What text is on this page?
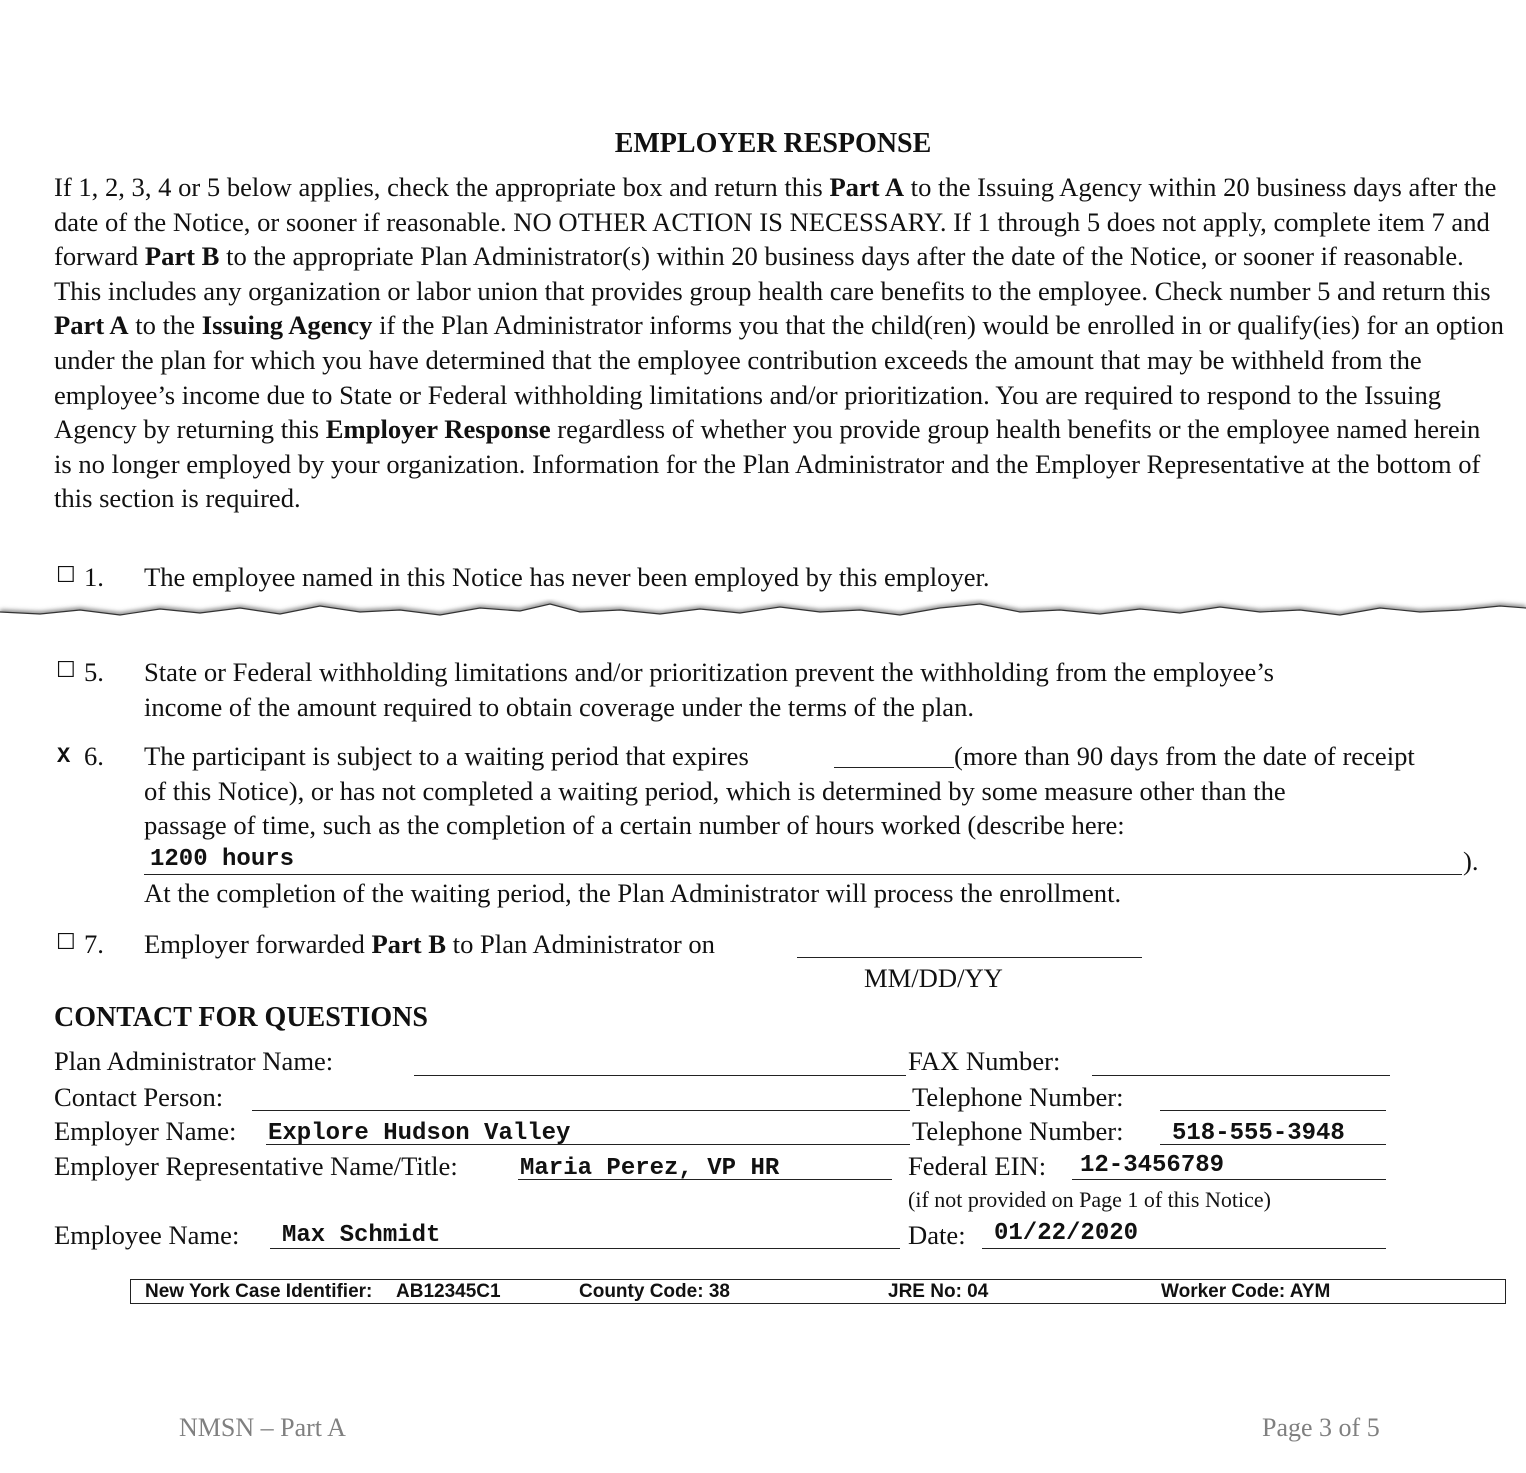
EMPLOYER RESPONSE
If 1, 2, 3, 4 or 5 below applies, check the appropriate box and return this Part A to the Issuing Agency within 20 business days after the date of the Notice, or sooner if reasonable. NO OTHER ACTION IS NECESSARY. If 1 through 5 does not apply, complete item 7 and forward Part B to the appropriate Plan Administrator(s) within 20 business days after the date of the Notice, or sooner if reasonable. This includes any organization or labor union that provides group health care benefits to the employee. Check number 5 and return this Part A to the Issuing Agency if the Plan Administrator informs you that the child(ren) would be enrolled in or qualify(ies) for an option under the plan for which you have determined that the employee contribution exceeds the amount that may be withheld from the employee’s income due to State or Federal withholding limitations and/or prioritization. You are required to respond to the Issuing Agency by returning this Employer Response regardless of whether you provide group health benefits or the employee named herein is no longer employed by your organization. Information for the Plan Administrator and the Employer Representative at the bottom of this section is required.
☐ 1. The employee named in this Notice has never been employed by this employer.
☐ 5. State or Federal withholding limitations and/or prioritization prevent the withholding from the employee’s
income of the amount required to obtain coverage under the terms of the plan.
X 6. The participant is subject to a waiting period that expires	(more than 90 days from the date of receipt
of this Notice), or has not completed a waiting period, which is determined by some measure other than the
passage of time, such as the completion of a certain number of hours worked (describe here:
1200 hours	).
At the completion of the waiting period, the Plan Administrator will process the enrollment.
☐ 7. Employer forwarded Part B to Plan Administrator on
MM/DD/YY
CONTACT FOR QUESTIONS
Plan Administrator Name:	FAX Number:
Contact Person:	Telephone Number:
Employer Name: Explore Hudson Valley	Telephone Number: 518-555-3948
Employer Representative Name/Title:	Maria Perez, VP HR	Federal EIN: 12-3456789
(if not provided on Page 1 of this Notice)
Employee Name: Max Schmidt	Date: 01/22/2020
New York Case Identifier: AB12345C1	County Code: 38	JRE No: 04	Worker Code: AYM
NMSN – Part A	Page 3 of 5
